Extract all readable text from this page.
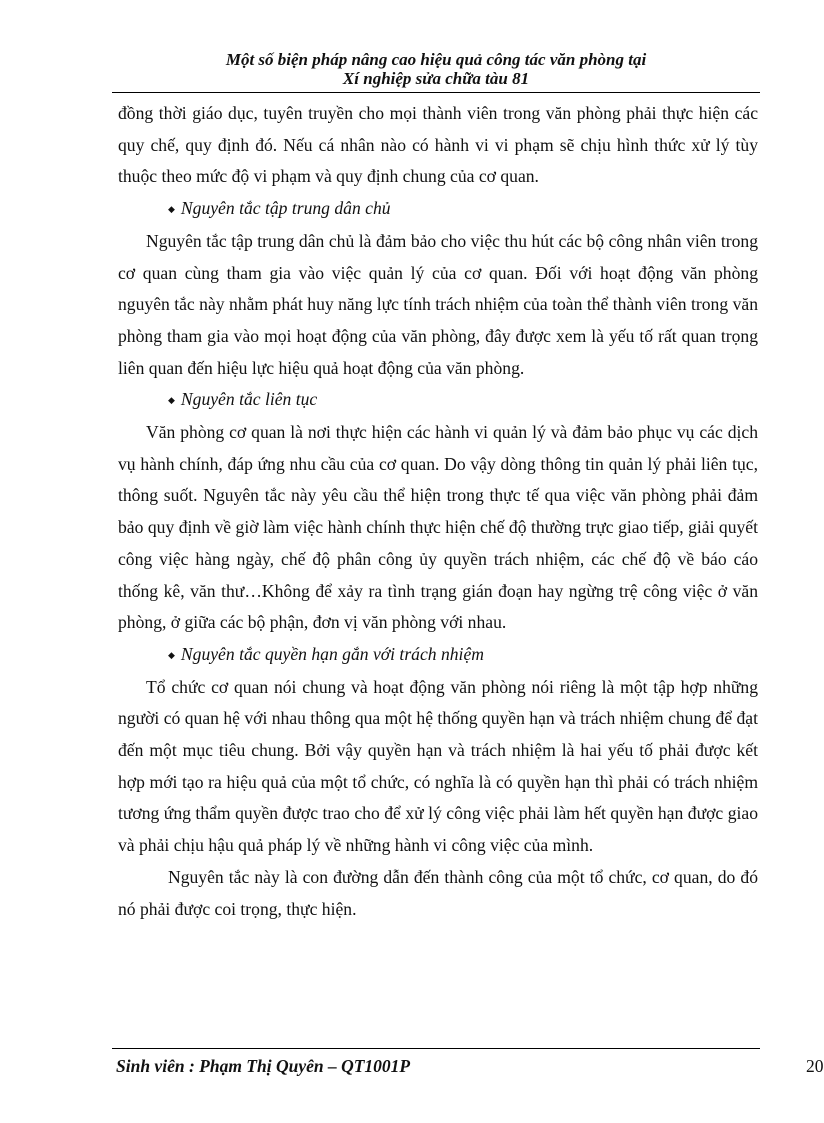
Một số biện pháp nâng cao hiệu quả công tác văn phòng tại
Xí nghiệp sửa chữa tàu 81

đồng thời giáo dục, tuyên truyền cho mọi thành viên trong văn phòng phải thực hiện các quy chế, quy định đó. Nếu cá nhân nào có hành vi vi phạm sẽ chịu hình thức xử lý tùy thuộc theo mức độ vi phạm và quy định chung của cơ quan.

◆ Nguyên tắc tập trung dân chủ

Nguyên tắc tập trung dân chủ là đảm bảo cho việc thu hút các bộ công nhân viên trong cơ quan cùng tham gia vào việc quản lý của cơ quan. Đối với hoạt động văn phòng nguyên tắc này nhằm phát huy năng lực tính trách nhiệm của toàn thể thành viên trong văn phòng tham gia vào mọi hoạt động của văn phòng, đây được xem là yếu tố rất quan trọng liên quan đến hiệu lực hiệu quả hoạt động của văn phòng.

◆ Nguyên tắc liên tục

Văn phòng cơ quan là nơi thực hiện các hành vi quản lý và đảm bảo phục vụ các dịch vụ hành chính, đáp ứng nhu cầu của cơ quan. Do vậy dòng thông tin quản lý phải liên tục, thông suốt. Nguyên tắc này yêu cầu thể hiện trong thực tế qua việc văn phòng phải đảm bảo quy định về giờ làm việc hành chính thực hiện chế độ thường trực giao tiếp, giải quyết công việc hàng ngày, chế độ phân công ủy quyền trách nhiệm, các chế độ về báo cáo thống kê, văn thư…Không để xảy ra tình trạng gián đoạn hay ngừng trệ công việc ở văn phòng, ở giữa các bộ phận, đơn vị văn phòng với nhau.

◆ Nguyên tắc quyền hạn gắn với trách nhiệm

Tổ chức cơ quan nói chung và hoạt động văn phòng nói riêng là một tập hợp những người có quan hệ với nhau thông qua một hệ thống quyền hạn và trách nhiệm chung để đạt đến một mục tiêu chung. Bởi vậy quyền hạn và trách nhiệm là hai yếu tố phải được kết hợp mới tạo ra hiệu quả của một tổ chức, có nghĩa là có quyền hạn thì phải có trách nhiệm tương ứng thẩm quyền được trao cho để xử lý công việc phải làm hết quyền hạn được giao và phải chịu hậu quả pháp lý về những hành vi công việc của mình.

Nguyên tắc này là con đường dẫn đến thành công của một tổ chức, cơ quan, do đó nó phải được coi trọng, thực hiện.

Sinh viên : Phạm Thị Quyên – QT1001P	20
